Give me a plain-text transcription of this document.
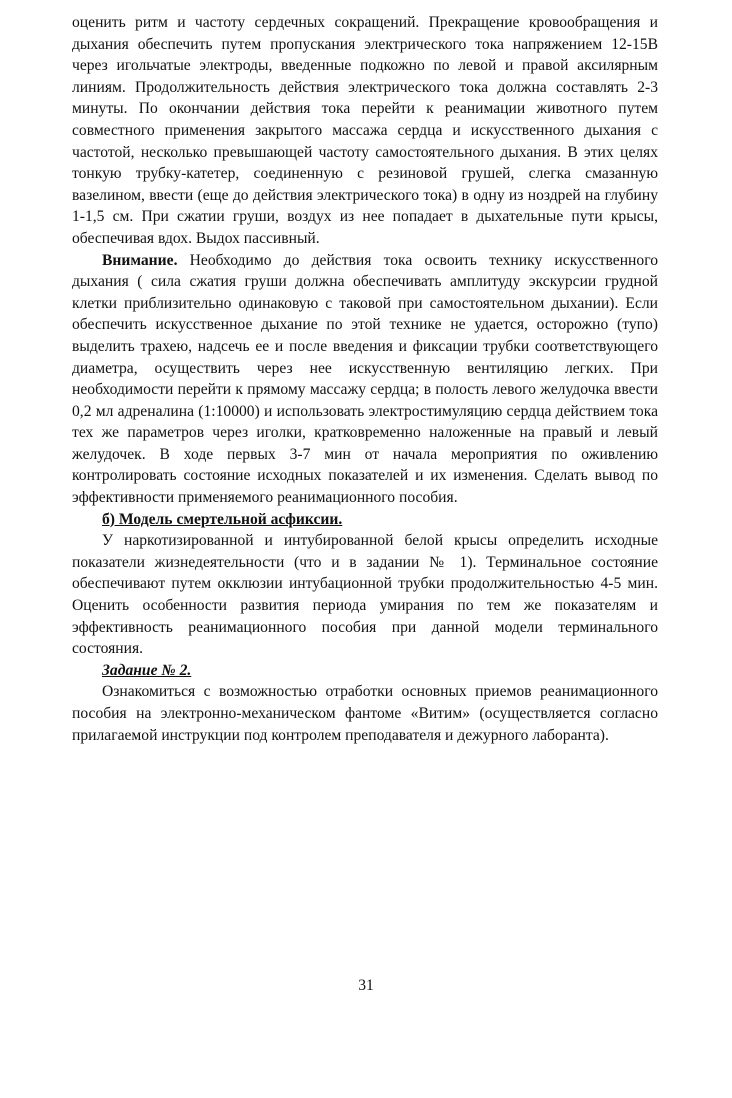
оценить ритм и частоту сердечных сокращений. Прекращение кровообращения и дыхания обеспечить путем пропускания электрического тока напряжением 12-15В через игольчатые электроды, введенные подкожно по левой и правой аксилярным линиям. Продолжительность действия электрического тока должна составлять 2-3 минуты. По окончании действия тока перейти к реанимации животного путем совместного применения закрытого массажа сердца и искусственного дыхания с частотой, несколько превышающей частоту самостоятельного дыхания. В этих целях тонкую трубку-катетер, соединенную с резиновой грушей, слегка смазанную вазелином, ввести (еще до действия электрического тока) в одну из ноздрей на глубину 1-1,5 см. При сжатии груши, воздух из нее попадает в дыхательные пути крысы, обеспечивая вдох. Выдох пассивный.

Внимание. Необходимо до действия тока освоить технику искусственного дыхания ( сила сжатия груши должна обеспечивать амплитуду экскурсии грудной клетки приблизительно одинаковую с таковой при самостоятельном дыхании). Если обеспечить искусственное дыхание по этой технике не удается, осторожно (тупо) выделить трахею, надсечь ее и после введения и фиксации трубки соответствующего диаметра, осуществить через нее искусственную вентиляцию легких. При необходимости перейти к прямому массажу сердца; в полость левого желудочка ввести 0,2 мл адреналина (1:10000) и использовать электростимуляцию сердца действием тока тех же параметров через иголки, кратковременно наложенные на правый и левый желудочек. В ходе первых 3-7 мин от начала мероприятия по оживлению контролировать состояние исходных показателей и их изменения. Сделать вывод по эффективности применяемого реанимационного пособия.

б) Модель смертельной асфиксии.

У наркотизированной и интубированной белой крысы определить исходные показатели жизнедеятельности (что и в задании № 1). Терминальное состояние обеспечивают путем окклюзии интубационной трубки продолжительностью 4-5 мин. Оценить особенности развития периода умирания по тем же показателям и эффективность реанимационного пособия при данной модели терминального состояния.

Задание № 2.

Ознакомиться с возможностью отработки основных приемов реанимационного пособия на электронно-механическом фантоме «Витим» (осуществляется согласно прилагаемой инструкции под контролем преподавателя и дежурного лаборанта).

31
